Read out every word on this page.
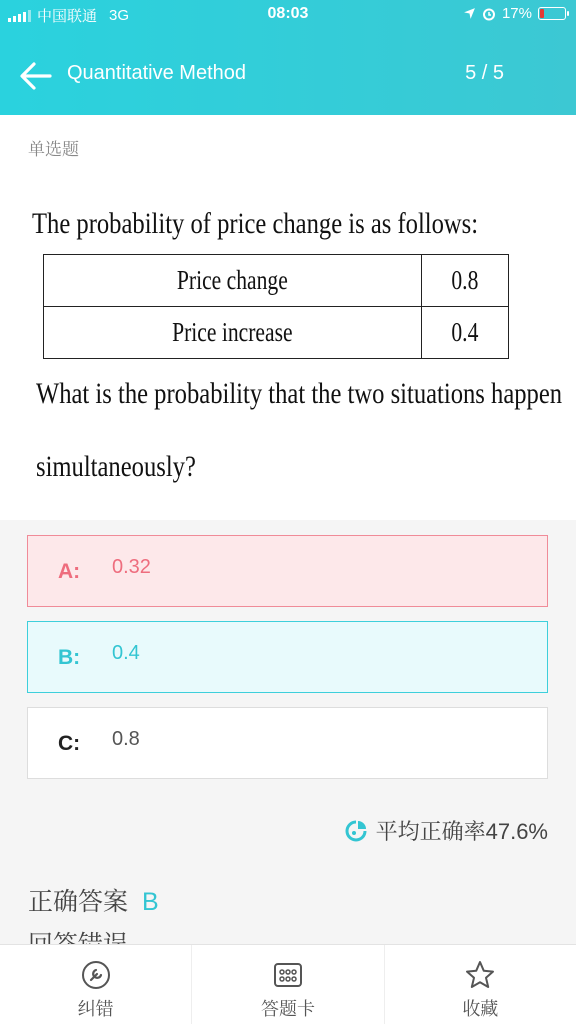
中国联通 3G	08:03	17%
Quantitative Method	5 / 5
单选题
The probability of price change is as follows:
Price change	0.8
Price increase	0.4
What is the probability that the two situations happen
simultaneously?
A: 0.32
B: 0.4
C: 0.8
平均正确率47.6%
正确答案 B
纠错	答题卡	收藏
